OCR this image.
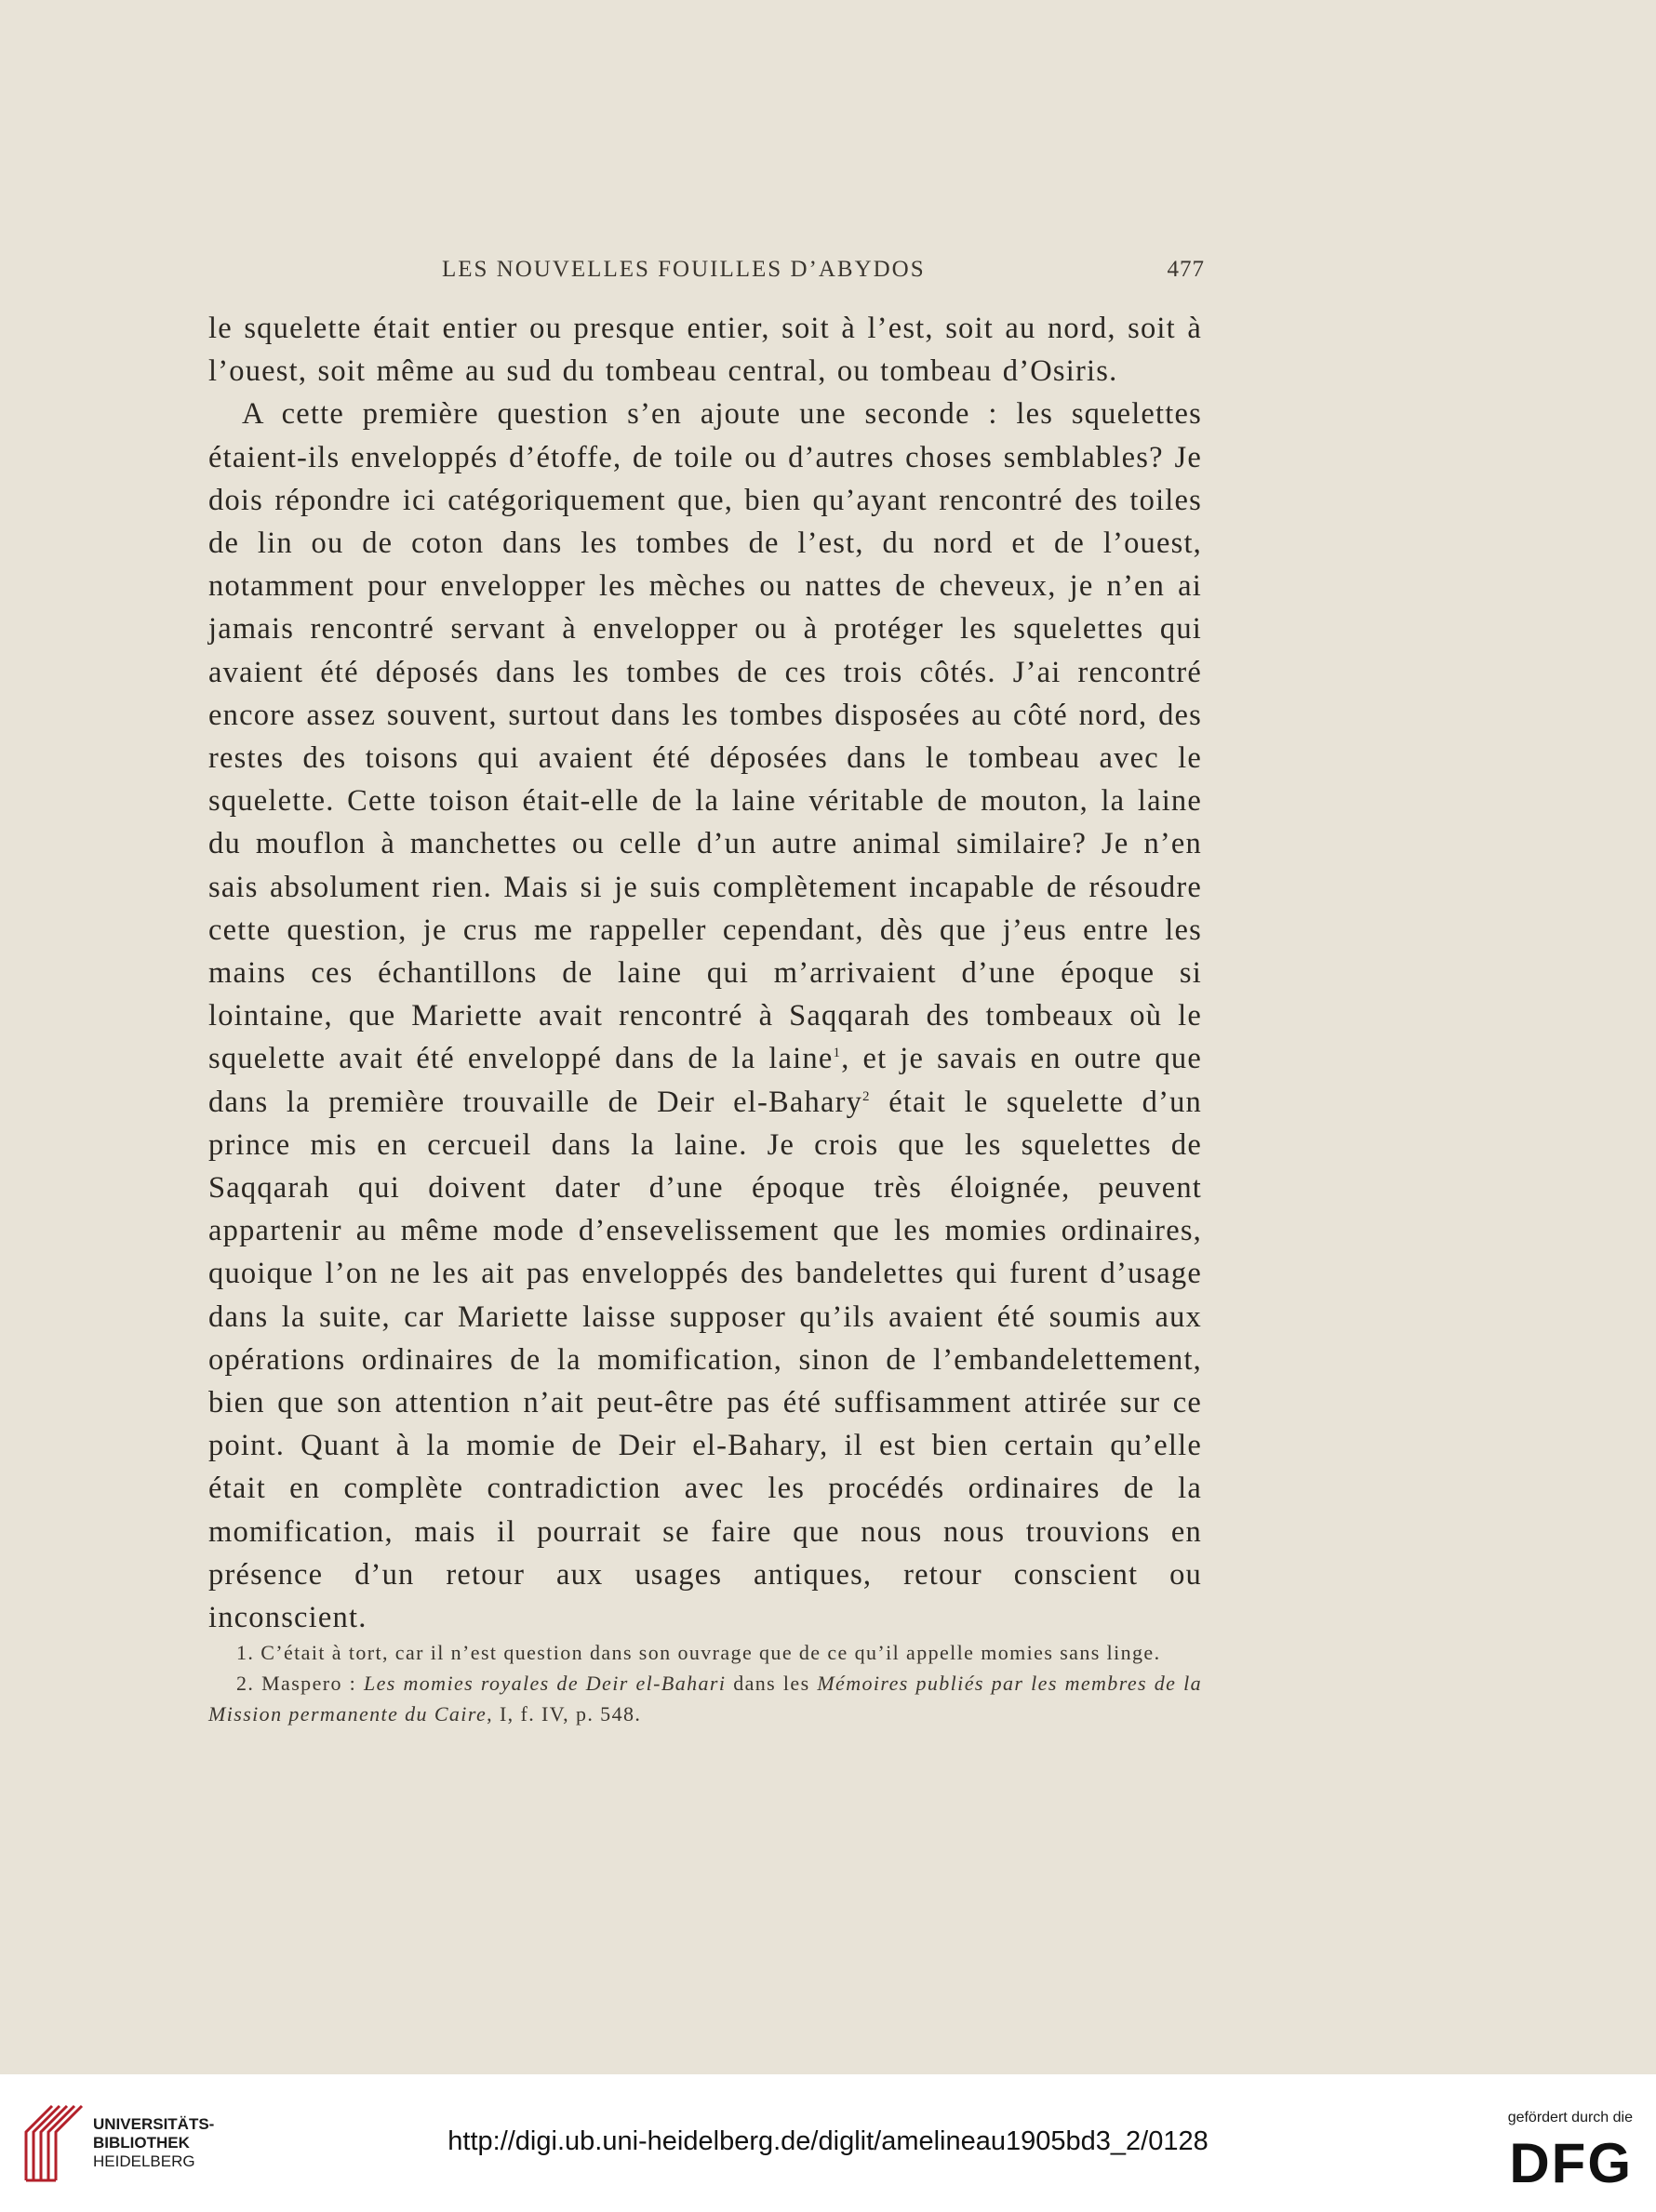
LES NOUVELLES FOUILLES D’ABYDOS	477

le squelette était entier ou presque entier, soit à l’est, soit au nord, soit à l’ouest, soit même au sud du tombeau central, ou tombeau d’Osiris.

A cette première question s’en ajoute une seconde : les squelettes étaient-ils enveloppés d’étoffe, de toile ou d’autres choses semblables? Je dois répondre ici catégoriquement que, bien qu’ayant rencontré des toiles de lin ou de coton dans les tombes de l’est, du nord et de l’ouest, notamment pour envelopper les mèches ou nattes de cheveux, je n’en ai jamais rencontré servant à envelopper ou à protéger les squelettes qui avaient été déposés dans les tombes de ces trois côtés. J’ai rencontré encore assez souvent, surtout dans les tombes disposées au côté nord, des restes des toisons qui avaient été déposées dans le tombeau avec le squelette. Cette toison était-elle de la laine véritable de mouton, la laine du mouflon à manchettes ou celle d’un autre animal similaire? Je n’en sais absolument rien. Mais si je suis complètement incapable de résoudre cette question, je crus me rappeller cependant, dès que j’eus entre les mains ces échantillons de laine qui m’arrivaient d’une époque si lointaine, que Mariette avait rencontré à Saqqarah des tombeaux où le squelette avait été enveloppé dans de la laine$^1$, et je savais en outre que dans la première trouvaille de Deir el-Bahary$^2$ était le squelette d’un prince mis en cercueil dans la laine. Je crois que les squelettes de Saqqarah qui doivent dater d’une époque très éloignée, peuvent appartenir au même mode d’ensevelissement que les momies ordinaires, quoique l’on ne les ait pas enveloppés des bandelettes qui furent d’usage dans la suite, car Mariette laisse supposer qu’ils avaient été soumis aux opérations ordinaires de la momification, sinon de l’embandelettement, bien que son attention n’ait peut-être pas été suffisamment attirée sur ce point. Quant à la momie de Deir el-Bahary, il est bien certain qu’elle était en complète contradiction avec les procédés ordinaires de la momification, mais il pourrait se faire que nous nous trouvions en présence d’un retour aux usages antiques, retour conscient ou inconscient.

1. C’était à tort, car il n’est question dans son ouvrage que de ce qu’il appelle momies sans linge.

2. Maspero : Les momies royales de Deir el-Bahari dans les Mémoires publiés par les membres de la Mission permanente du Caire, I, f. IV, p. 548.

UNIVERSITÄTS-
BIBLIOTHEK
HEIDELBERG
http://digi.ub.uni-heidelberg.de/diglit/amelineau1905bd3_2/0128
gefördert durch die
DFG
